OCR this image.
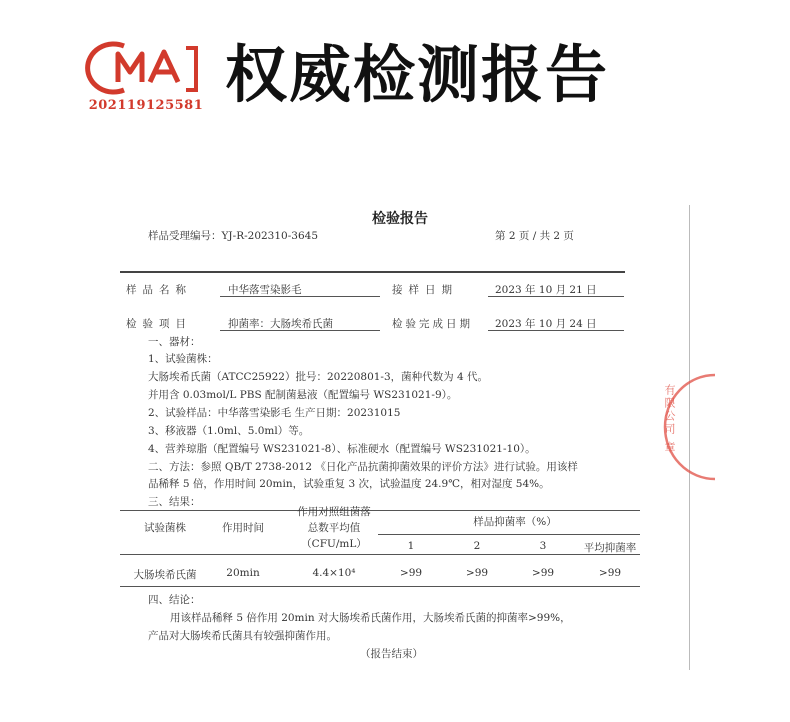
202119125581 权威检测报告
检验报告
样品受理编号：YJ-R-202310-3645	第 2 页 / 共 2 页
样品名称	中华落雪染影毛	接样日期	2023 年 10 月 21 日
检验项目	抑菌率：大肠埃希氏菌	检验完成日期 2023 年 10 月 24 日
一、器材：
1、试验菌株：
大肠埃希氏菌（ATCC25922）批号：20220801-3，菌种代数为 4 代。
并用含 0.03mol/L PBS 配制菌悬液（配置编号 WS231021-9）。
2、试验样品：中华落雪染影毛 生产日期：20231015
3、移液器（1.0ml、5.0ml）等。
4、营养琼脂（配置编号 WS231021-8）、标准硬水（配置编号 WS231021-10）。
二、方法：参照 QB/T 2738-2012 《日化产品抗菌抑菌效果的评价方法》进行试验。用该样
品稀释 5 倍，作用时间 20min，试验重复 3 次，试验温度 24.9℃，相对湿度 54%。
三、结果：
试验菌株	作用时间
作用对照组菌落
总数平均值
（CFU/mL）
样品抑菌率（%）
1	2	3	平均抑菌率
大肠埃希氏菌	20min	4.4×10⁴	>99	>99	>99	>99
四、结论：
用该样品稀释 5 倍作用 20min 对大肠埃希氏菌作用，大肠埃希氏菌的抑菌率>99%，
产品对大肠埃希氏菌具有较强抑菌作用。
（报告结束）
有限公司 章
